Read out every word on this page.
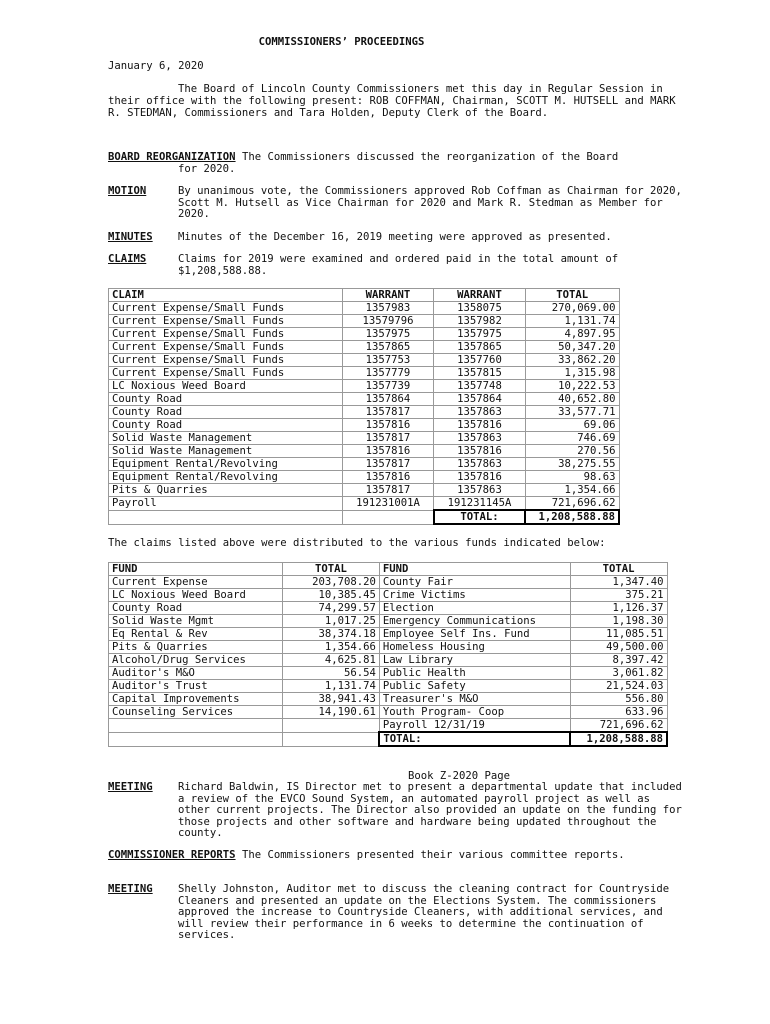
COMMISSIONERS’ PROCEEDINGS
January 6, 2020
The Board of Lincoln County Commissioners met this day in Regular Session in their office with the following present: ROB COFFMAN, Chairman, SCOTT M. HUTSELL and MARK R. STEDMAN, Commissioners and Tara Holden, Deputy Clerk of the Board.
BOARD REORGANIZATION The Commissioners discussed the reorganization of the Board
for 2020.
MOTION	By unanimous vote, the Commissioners approved Rob Coffman as Chairman for 2020, Scott M. Hutsell as Vice Chairman for 2020 and Mark R. Stedman as Member for 2020.
MINUTES	Minutes of the December 16, 2019 meeting were approved as presented.
CLAIMS	Claims for 2019 were examined and ordered paid in the total amount of $1,208,588.88.
CLAIM	WARRANT	WARRANT	TOTAL
Current Expense/Small Funds	1357983	1358075	270,069.00
Current Expense/Small Funds	13579796	1357982	1,131.74
Current Expense/Small Funds	1357975	1357975	4,897.95
Current Expense/Small Funds	1357865	1357865	50,347.20
Current Expense/Small Funds	1357753	1357760	33,862.20
Current Expense/Small Funds	1357779	1357815	1,315.98
LC Noxious Weed Board	1357739	1357748	10,222.53
County Road	1357864	1357864	40,652.80
County Road	1357817	1357863	33,577.71
County Road	1357816	1357816	69.06
Solid Waste Management	1357817	1357863	746.69
Solid Waste Management	1357816	1357816	270.56
Equipment Rental/Revolving	1357817	1357863	38,275.55
Equipment Rental/Revolving	1357816	1357816	98.63
Pits & Quarries	1357817	1357863	1,354.66
Payroll	191231001A	191231145A	721,696.62
		TOTAL:	1,208,588.88
The claims listed above were distributed to the various funds indicated below:
FUND	TOTAL	FUND	TOTAL
Current Expense	203,708.20	County Fair	1,347.40
LC Noxious Weed Board	10,385.45	Crime Victims	375.21
County Road	74,299.57	Election	1,126.37
Solid Waste Mgmt	1,017.25	Emergency Communications	1,198.30
Eq Rental & Rev	38,374.18	Employee Self Ins. Fund	11,085.51
Pits & Quarries	1,354.66	Homeless Housing	49,500.00
Alcohol/Drug Services	4,625.81	Law Library	8,397.42
Auditor's M&O	56.54	Public Health	3,061.82
Auditor's Trust	1,131.74	Public Safety	21,524.03
Capital Improvements	38,941.43	Treasurer's M&O	556.80
Counseling Services	14,190.61	Youth Program- Coop	633.96
		Payroll 12/31/19	721,696.62
		TOTAL:	1,208,588.88
Book Z-2020 Page
MEETING	Richard Baldwin, IS Director met to present a departmental update that included a review of the EVCO Sound System, an automated payroll project as well as other current projects. The Director also provided an update on the funding for those projects and other software and hardware being updated throughout the county.
COMMISSIONER REPORTS The Commissioners presented their various committee reports.
MEETING	Shelly Johnston, Auditor met to discuss the cleaning contract for Countryside Cleaners and presented an update on the Elections System. The commissioners approved the increase to Countryside Cleaners, with additional services, and will review their performance in 6 weeks to determine the continuation of services.
